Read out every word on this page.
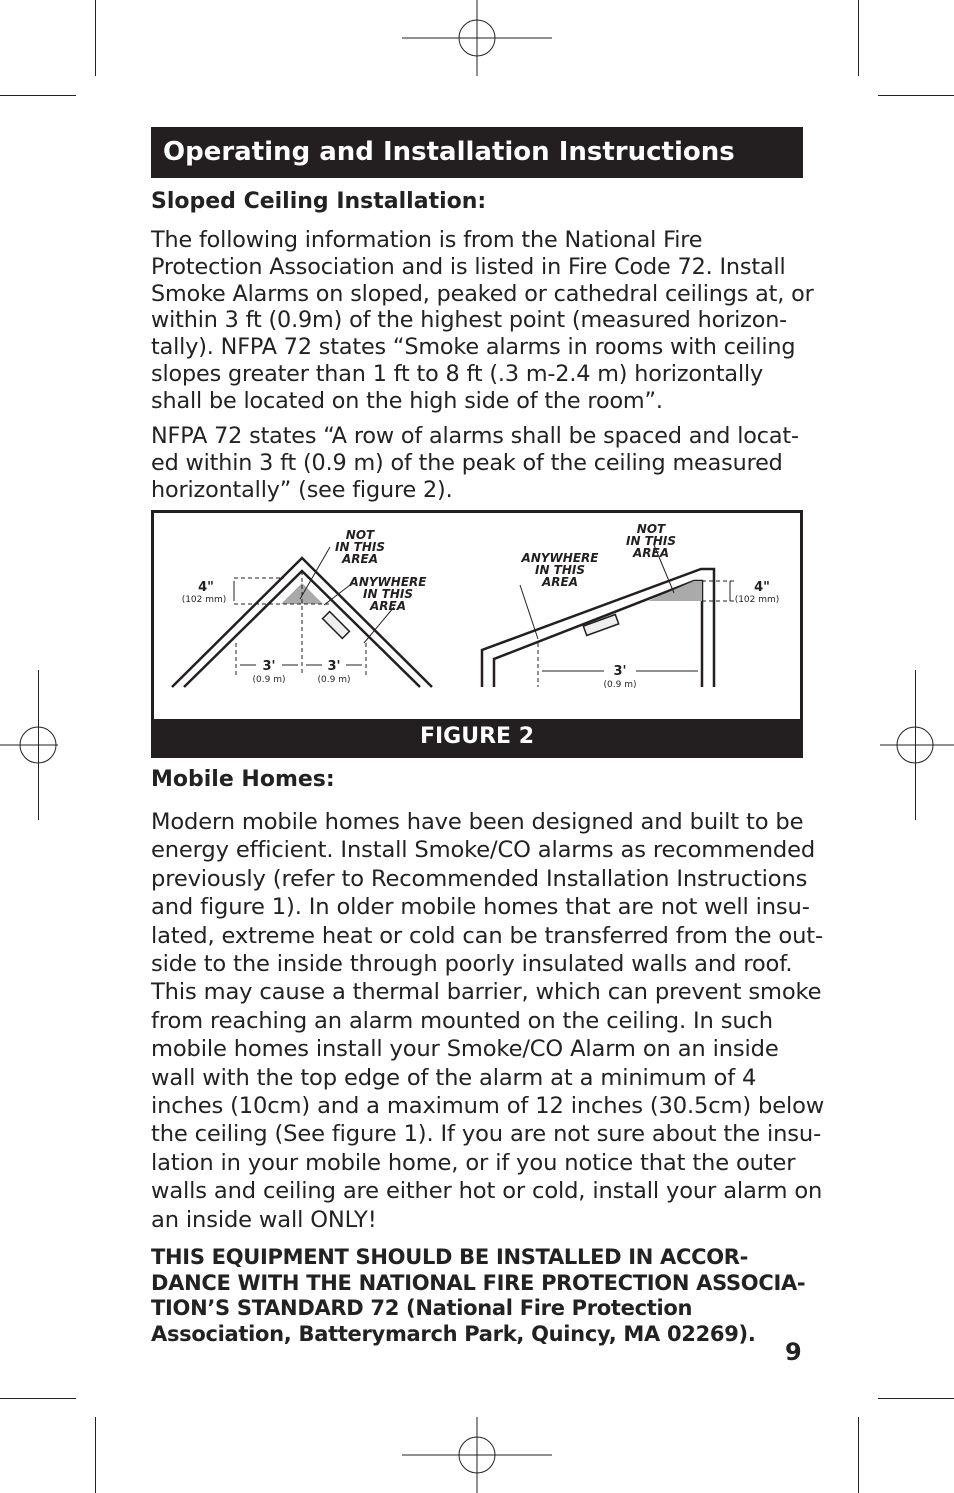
Operating and Installation Instructions
Sloped Ceiling Installation:

The following information is from the National Fire
Protection Association and is listed in Fire Code 72. Install
Smoke Alarms on sloped, peaked or cathedral ceilings at, or
within 3 ft (0.9m) of the highest point (measured horizon-
tally). NFPA 72 states “Smoke alarms in rooms with ceiling
slopes greater than 1 ft to 8 ft (.3 m-2.4 m) horizontally
shall be located on the high side of the room”.

NFPA 72 states “A row of alarms shall be spaced and locat-
ed within 3 ft (0.9 m) of the peak of the ceiling measured
horizontally” (see figure 2).

NOT
IN THIS
AREA
ANYWHERE
IN THIS
AREA
NOT
IN THIS
AREA
ANYWHERE
IN THIS
AREA
4"
3'	3'
4"
3'
(102 mm)
(0.9 m)	(0.9 m)
(102 mm)
(0.9 m)
FIGURE 2
Mobile Homes:

Modern mobile homes have been designed and built to be
energy efficient. Install Smoke/CO alarms as recommended
previously (refer to Recommended Installation Instructions
and figure 1). In older mobile homes that are not well insu-
lated, extreme heat or cold can be transferred from the out-
side to the inside through poorly insulated walls and roof.
This may cause a thermal barrier, which can prevent smoke
from reaching an alarm mounted on the ceiling. In such
mobile homes install your Smoke/CO Alarm on an inside
wall with the top edge of the alarm at a minimum of 4
inches (10cm) and a maximum of 12 inches (30.5cm) below
the ceiling (See figure 1). If you are not sure about the insu-
lation in your mobile home, or if you notice that the outer
walls and ceiling are either hot or cold, install your alarm on
an inside wall ONLY!

THIS EQUIPMENT SHOULD BE INSTALLED IN ACCOR-
DANCE WITH THE NATIONAL FIRE PROTECTION ASSOCIA-
TION’S STANDARD 72 (National Fire Protection
Association, Batterymarch Park, Quincy, MA 02269).

9
